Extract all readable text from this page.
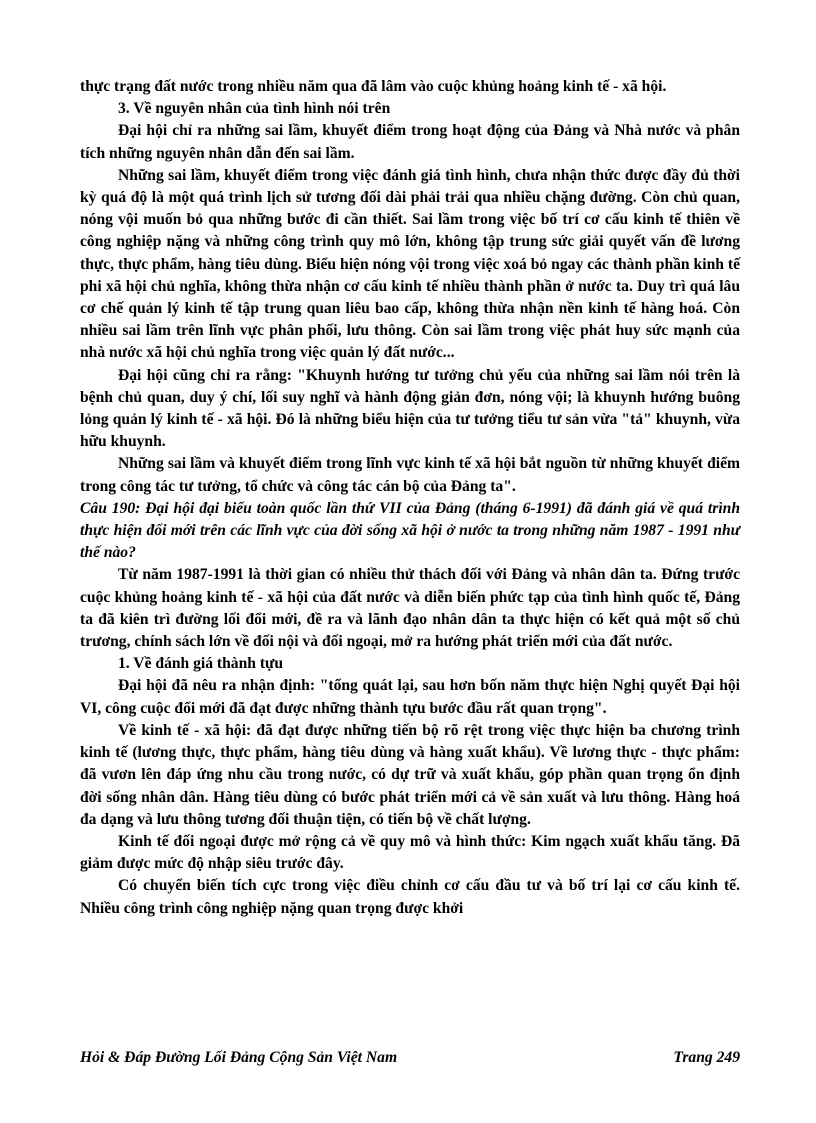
thực trạng đất nước trong nhiều năm qua đã lâm vào cuộc khủng hoảng kinh tế - xã hội.

3. Về nguyên nhân của tình hình nói trên

Đại hội chỉ ra những sai lầm, khuyết điểm trong hoạt động của Đảng và Nhà nước và phân tích những nguyên nhân dẫn đến sai lầm.

Những sai lầm, khuyết điểm trong việc đánh giá tình hình, chưa nhận thức được đầy đủ thời kỳ quá độ là một quá trình lịch sử tương đối dài phải trải qua nhiều chặng đường. Còn chủ quan, nóng vội muốn bỏ qua những bước đi cần thiết. Sai lầm trong việc bố trí cơ cấu kinh tế thiên về công nghiệp nặng và những công trình quy mô lớn, không tập trung sức giải quyết vấn đề lương thực, thực phẩm, hàng tiêu dùng. Biểu hiện nóng vội trong việc xoá bỏ ngay các thành phần kinh tế phi xã hội chủ nghĩa, không thừa nhận cơ cấu kinh tế nhiều thành phần ở nước ta. Duy trì quá lâu cơ chế quản lý kinh tế tập trung quan liêu bao cấp, không thừa nhận nền kinh tế hàng hoá. Còn nhiều sai lầm trên lĩnh vực phân phối, lưu thông. Còn sai lầm trong việc phát huy sức mạnh của nhà nước xã hội chủ nghĩa trong việc quản lý đất nước...

Đại hội cũng chỉ ra rằng: "Khuynh hướng tư tưởng chủ yếu của những sai lầm nói trên là bệnh chủ quan, duy ý chí, lối suy nghĩ và hành động giản đơn, nóng vội; là khuynh hướng buông lỏng quản lý kinh tế - xã hội. Đó là những biểu hiện của tư tưởng tiểu tư sản vừa "tả" khuynh, vừa hữu khuynh.

Những sai lầm và khuyết điểm trong lĩnh vực kinh tế xã hội bắt nguồn từ những khuyết điểm trong công tác tư tưởng, tổ chức và công tác cán bộ của Đảng ta".

Câu 190: Đại hội đại biểu toàn quốc lần thứ VII của Đảng (tháng 6-1991) đã đánh giá về quá trình thực hiện đổi mới trên các lĩnh vực của đời sống xã hội ở nước ta trong những năm 1987 - 1991 như thế nào?

Từ năm 1987-1991 là thời gian có nhiều thử thách đối với Đảng và nhân dân ta. Đứng trước cuộc khủng hoảng kinh tế - xã hội của đất nước và diễn biến phức tạp của tình hình quốc tế, Đảng ta đã kiên trì đường lối đổi mới, đề ra và lãnh đạo nhân dân ta thực hiện có kết quả một số chủ trương, chính sách lớn về đối nội và đối ngoại, mở ra hướng phát triển mới của đất nước.

1. Về đánh giá thành tựu

Đại hội đã nêu ra nhận định: "tổng quát lại, sau hơn bốn năm thực hiện Nghị quyết Đại hội VI, công cuộc đổi mới đã đạt được những thành tựu bước đầu rất quan trọng".

Về kinh tế - xã hội: đã đạt được những tiến bộ rõ rệt trong việc thực hiện ba chương trình kinh tế (lương thực, thực phẩm, hàng tiêu dùng và hàng xuất khẩu). Về lương thực - thực phẩm: đã vươn lên đáp ứng nhu cầu trong nước, có dự trữ và xuất khẩu, góp phần quan trọng ổn định đời sống nhân dân. Hàng tiêu dùng có bước phát triển mới cả về sản xuất và lưu thông. Hàng hoá đa dạng và lưu thông tương đối thuận tiện, có tiến bộ về chất lượng.

Kinh tế đối ngoại được mở rộng cả về quy mô và hình thức: Kim ngạch xuất khẩu tăng. Đã giảm được mức độ nhập siêu trước đây.

Có chuyển biến tích cực trong việc điều chỉnh cơ cấu đầu tư và bố trí lại cơ cấu kinh tế. Nhiều công trình công nghiệp nặng quan trọng được khởi

Hỏi & Đáp Đường Lối Đảng Cộng Sản Việt Nam	Trang 249
